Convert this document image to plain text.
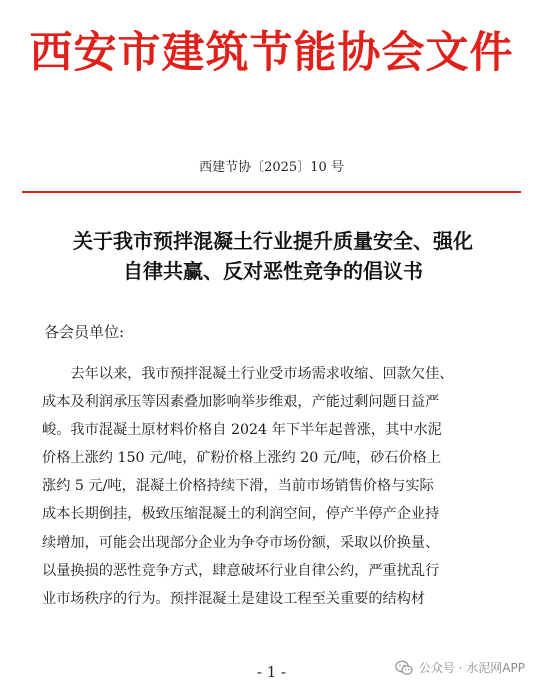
西安市建筑节能协会文件
西建节协〔2025〕10 号
关于我市预拌混凝土行业提升质量安全、强化
自律共赢、反对恶性竞争的倡议书
各会员单位:
　　去年以来，我市预拌混凝土行业受市场需求收缩、回款欠佳、
成本及利润承压等因素叠加影响举步维艰，产能过剩问题日益严
峻。我市混凝土原材料价格自 2024 年下半年起普涨，其中水泥
价格上涨约 150 元/吨，矿粉价格上涨约 20 元/吨，砂石价格上
涨约 5 元/吨，混凝土价格持续下滑，当前市场销售价格与实际
成本长期倒挂，极致压缩混凝土的利润空间，停产半停产企业持
续增加，可能会出现部分企业为争夺市场份额，采取以价换量、
以量换损的恶性竞争方式，肆意破坏行业自律公约，严重扰乱行
业市场秩序的行为。预拌混凝土是建设工程至关重要的结构材
- 1 -	公众号 · 水泥网APP
